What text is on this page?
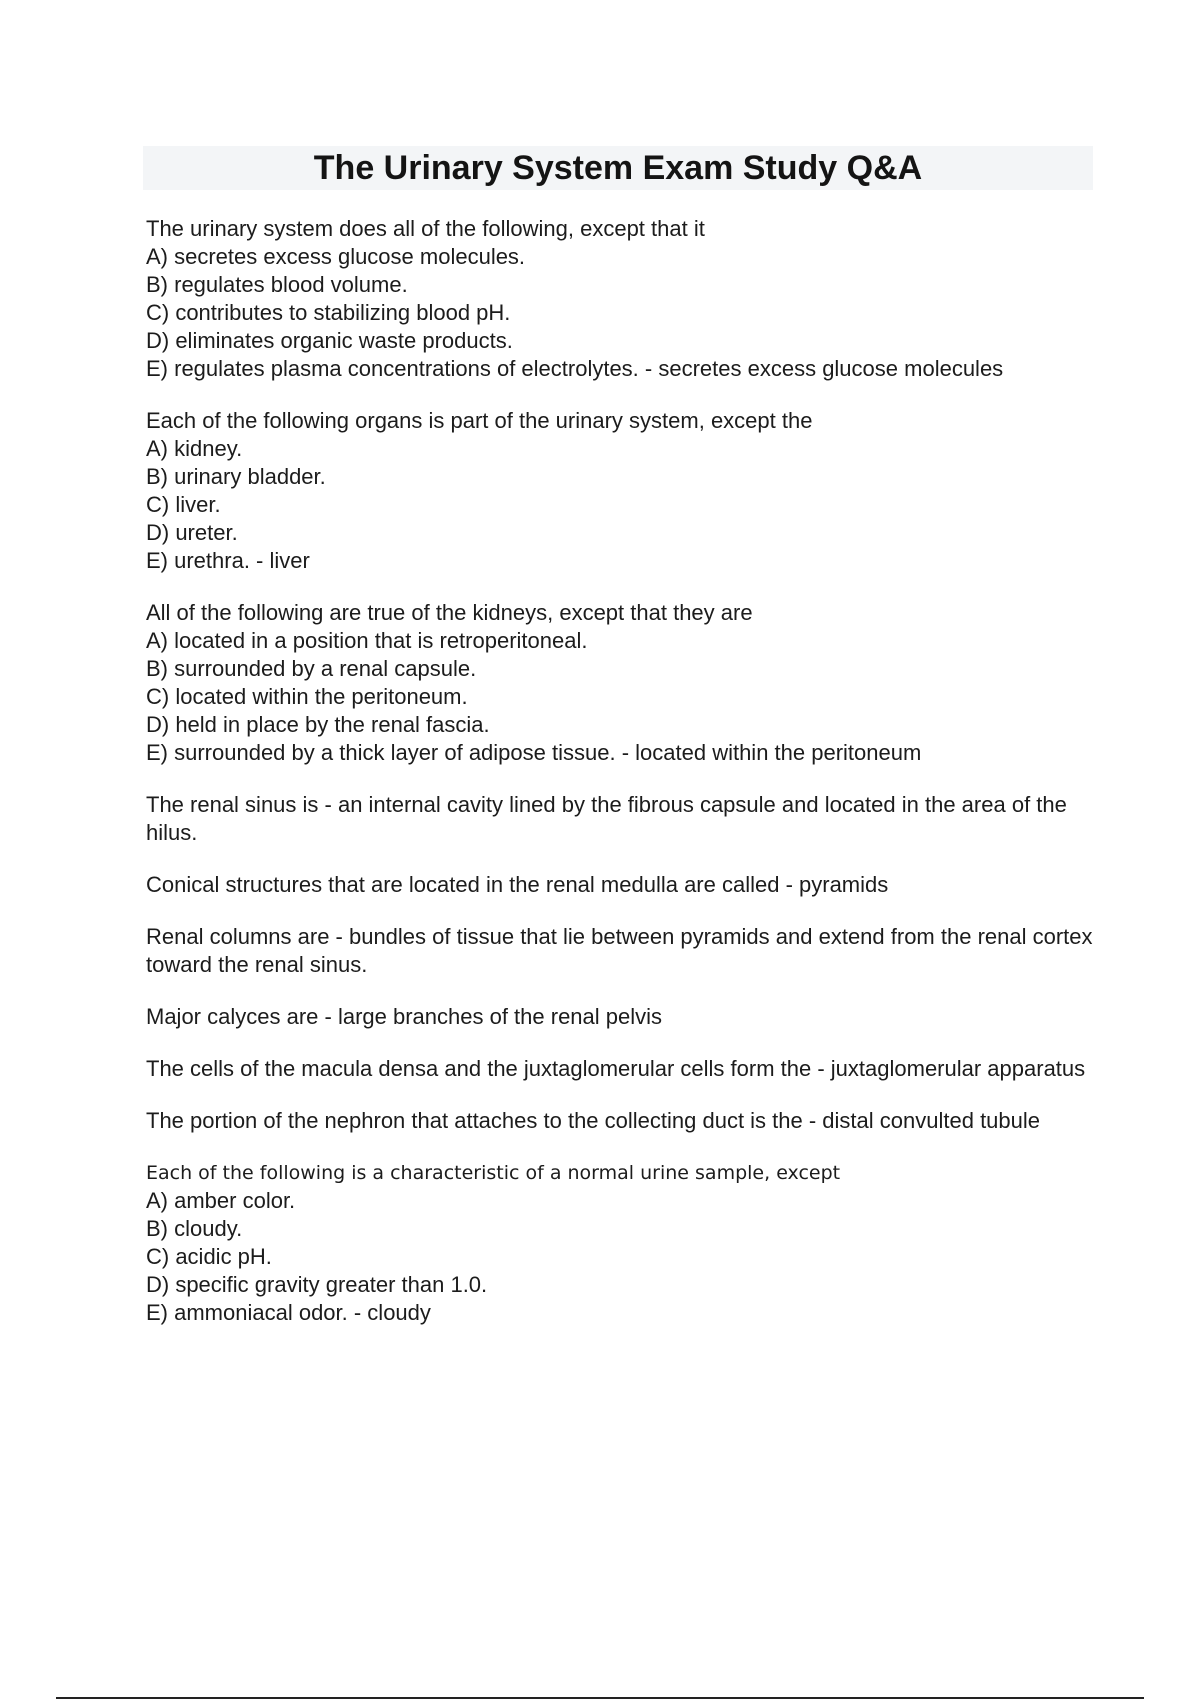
The Urinary System Exam Study Q&A
The urinary system does all of the following, except that it
A) secretes excess glucose molecules.
B) regulates blood volume.
C) contributes to stabilizing blood pH.
D) eliminates organic waste products.
E) regulates plasma concentrations of electrolytes. - secretes excess glucose molecules
Each of the following organs is part of the urinary system, except the
A) kidney.
B) urinary bladder.
C) liver.
D) ureter.
E) urethra. - liver
All of the following are true of the kidneys, except that they are
A) located in a position that is retroperitoneal.
B) surrounded by a renal capsule.
C) located within the peritoneum.
D) held in place by the renal fascia.
E) surrounded by a thick layer of adipose tissue. - located within the peritoneum
The renal sinus is - an internal cavity lined by the fibrous capsule and located in the area of the hilus.
Conical structures that are located in the renal medulla are called - pyramids
Renal columns are - bundles of tissue that lie between pyramids and extend from the renal cortex toward the renal sinus.
Major calyces are - large branches of the renal pelvis
The cells of the macula densa and the juxtaglomerular cells form the - juxtaglomerular apparatus
The portion of the nephron that attaches to the collecting duct is the - distal convulted tubule
Each of the following is a characteristic of a normal urine sample, except
A) amber color.
B) cloudy.
C) acidic pH.
D) specific gravity greater than 1.0.
E) ammoniacal odor. - cloudy
